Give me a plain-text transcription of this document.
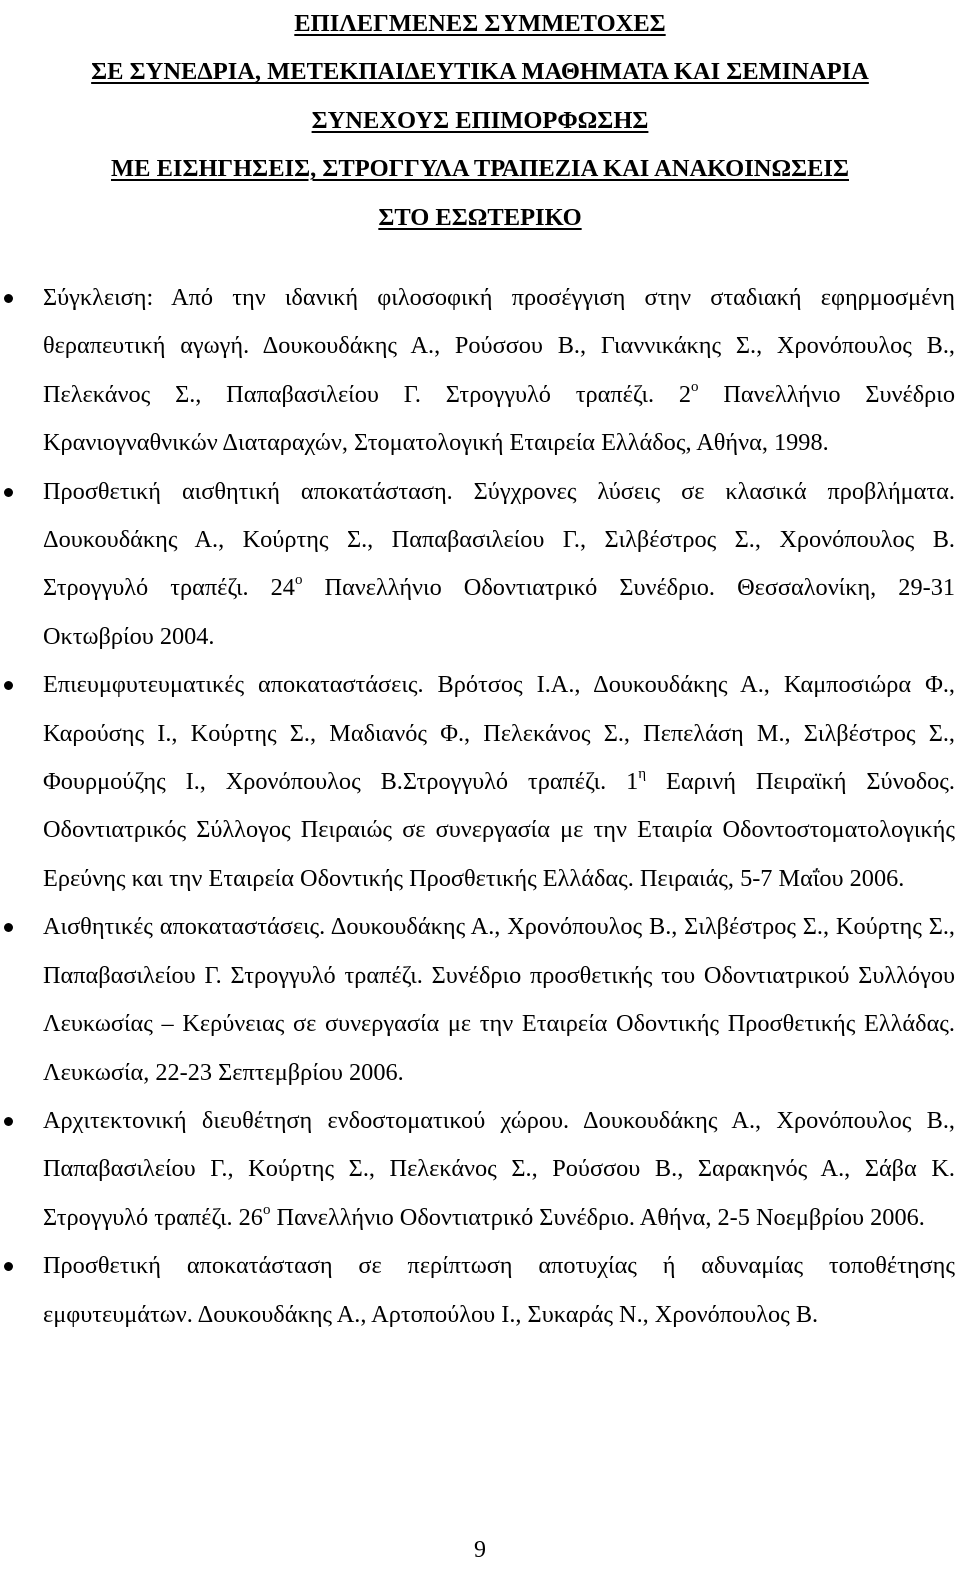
ΕΠΙΛΕΓΜΕΝΕΣ ΣΥΜΜΕΤΟΧΕΣ
ΣΕ ΣΥΝΕΔΡΙΑ, ΜΕΤΕΚΠΑΙΔΕΥΤΙΚΑ ΜΑΘΗΜΑΤΑ ΚΑΙ ΣΕΜΙΝΑΡΙΑ
ΣΥΝΕΧΟΥΣ ΕΠΙΜΟΡΦΩΣΗΣ
ΜΕ ΕΙΣΗΓΗΣΕΙΣ, ΣΤΡΟΓΓΥΛΑ ΤΡΑΠΕΖΙΑ ΚΑΙ ΑΝΑΚΟΙΝΩΣΕΙΣ
ΣΤΟ ΕΣΩΤΕΡΙΚΟ
Σύγκλειση: Από την ιδανική φιλοσοφική προσέγγιση στην σταδιακή εφηρμοσμένη θεραπευτική αγωγή. Δουκουδάκης Α., Ρούσσου Β., Γιαννικάκης Σ., Χρονόπουλος Β., Πελεκάνος Σ., Παπαβασιλείου Γ. Στρογγυλό τραπέζι. $2^o$ Πανελλήνιο Συνέδριο Κρανιογναθνικών Διαταραχών, Στοματολογική Εταιρεία Ελλάδος, Αθήνα, 1998.
Προσθετική αισθητική αποκατάσταση. Σύγχρονες λύσεις σε κλασικά προβλήματα. Δουκουδάκης Α., Κούρτης Σ., Παπαβασιλείου Γ., Σιλβέστρος Σ., Χρονόπουλος Β. Στρογγυλό τραπέζι. $24^o$ Πανελλήνιο Οδοντιατρικό Συνέδριο. Θεσσαλονίκη, 29-31 Οκτωβρίου 2004.
Επιευμφυτευματικές αποκαταστάσεις. Βρότσος Ι.Α., Δουκουδάκης Α., Καμποσιώρα Φ., Καρούσης Ι., Κούρτης Σ., Μαδιανός Φ., Πελεκάνος Σ., Πεπελάση Μ., Σιλβέστρος Σ., Φουρμούζης Ι., Χρονόπουλος Β.Στρογγυλό τραπέζι. $1^\eta$ Εαρινή Πειραϊκή Σύνοδος. Οδοντιατρικός Σύλλογος Πειραιώς σε συνεργασία με την Εταιρία Οδοντοστοματολογικής Ερεύνης και την Εταιρεία Οδοντικής Προσθετικής Ελλάδας. Πειραιάς, 5-7 Μαΐου 2006.
Αισθητικές αποκαταστάσεις. Δουκουδάκης Α., Χρονόπουλος Β., Σιλβέστρος Σ., Κούρτης Σ., Παπαβασιλείου Γ. Στρογγυλό τραπέζι. Συνέδριο προσθετικής του Οδοντιατρικού Συλλόγου Λευκωσίας – Κερύνειας σε συνεργασία με την Εταιρεία Οδοντικής Προσθετικής Ελλάδας. Λευκωσία, 22-23 Σεπτεμβρίου 2006.
Αρχιτεκτονική διευθέτηση ενδοστοματικού χώρου. Δουκουδάκης Α., Χρονόπουλος Β., Παπαβασιλείου Γ., Κούρτης Σ., Πελεκάνος Σ., Ρούσσου Β., Σαρακηνός Α., Σάβα Κ. Στρογγυλό τραπέζι. $26^o$ Πανελλήνιο Οδοντιατρικό Συνέδριο. Αθήνα, 2-5 Νοεμβρίου 2006.
Προσθετική αποκατάσταση σε περίπτωση αποτυχίας ή αδυναμίας τοποθέτησης εμφυτευμάτων. Δουκουδάκης Α., Αρτοπούλου Ι., Συκαράς Ν., Χρονόπουλος Β.
9
